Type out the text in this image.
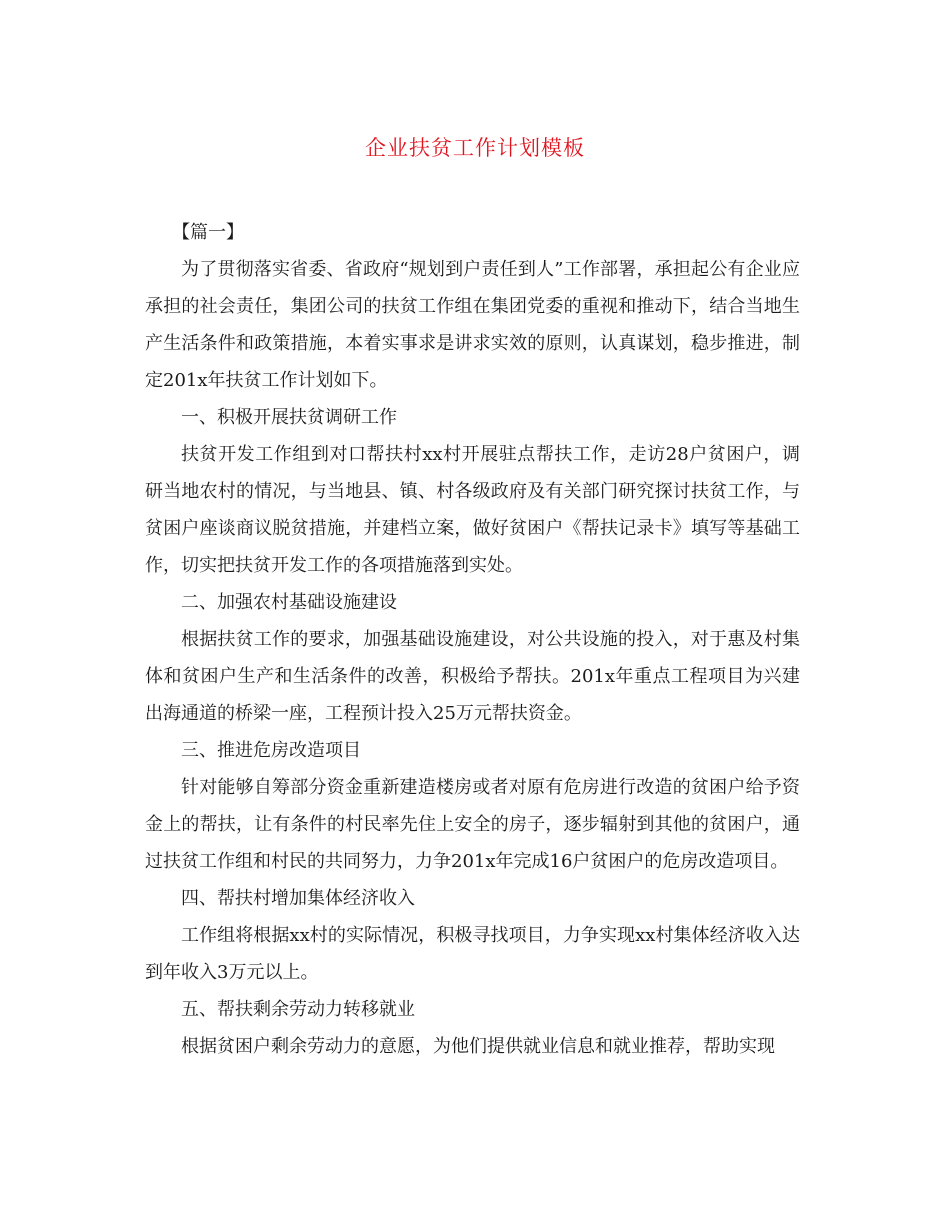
企业扶贫工作计划模板

【篇一】

为了贯彻落实省委、省政府“规划到户责任到人”工作部署，承担起公有企业应承担的社会责任，集团公司的扶贫工作组在集团党委的重视和推动下，结合当地生产生活条件和政策措施，本着实事求是讲求实效的原则，认真谋划，稳步推进，制定201x年扶贫工作计划如下。

一、积极开展扶贫调研工作

扶贫开发工作组到对口帮扶村xx村开展驻点帮扶工作，走访28户贫困户，调研当地农村的情况，与当地县、镇、村各级政府及有关部门研究探讨扶贫工作，与贫困户座谈商议脱贫措施，并建档立案，做好贫困户《帮扶记录卡》填写等基础工作，切实把扶贫开发工作的各项措施落到实处。

二、加强农村基础设施建设

根据扶贫工作的要求，加强基础设施建设，对公共设施的投入，对于惠及村集体和贫困户生产和生活条件的改善，积极给予帮扶。201x年重点工程项目为兴建出海通道的桥梁一座，工程预计投入25万元帮扶资金。

三、推进危房改造项目

针对能够自筹部分资金重新建造楼房或者对原有危房进行改造的贫困户给予资金上的帮扶，让有条件的村民率先住上安全的房子，逐步辐射到其他的贫困户，通过扶贫工作组和村民的共同努力，力争201x年完成16户贫困户的危房改造项目。

四、帮扶村增加集体经济收入

工作组将根据xx村的实际情况，积极寻找项目，力争实现xx村集体经济收入达到年收入3万元以上。

五、帮扶剩余劳动力转移就业

根据贫困户剩余劳动力的意愿，为他们提供就业信息和就业推荐，帮助实现
